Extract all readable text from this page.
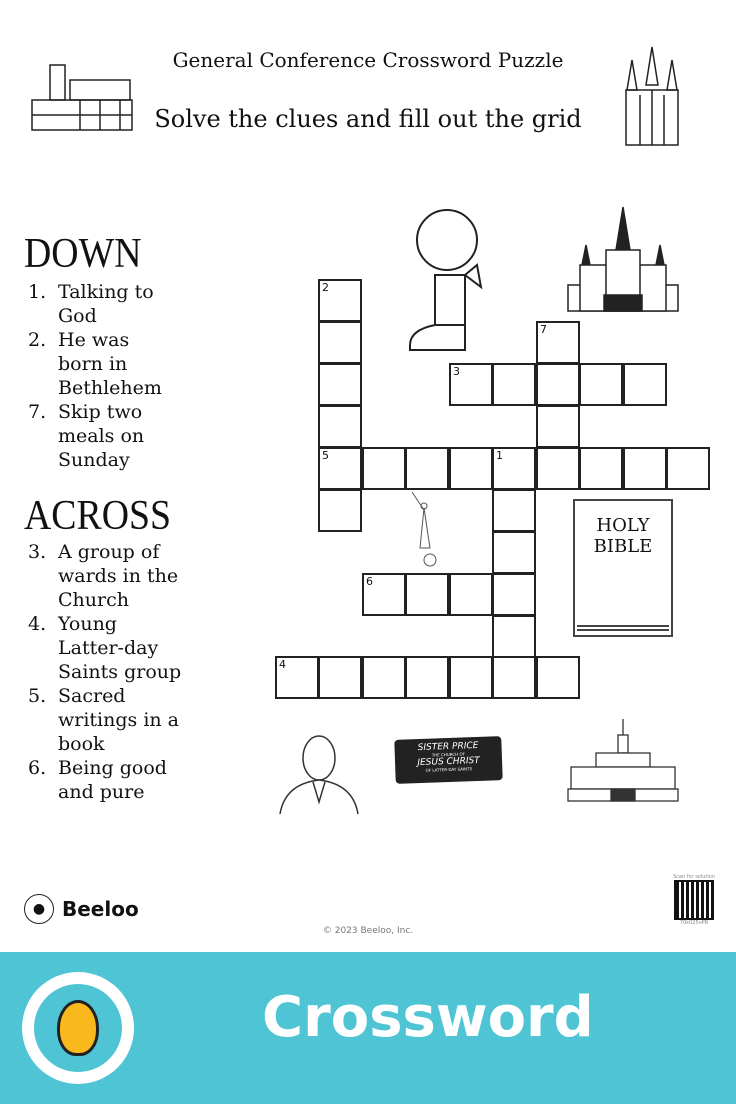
General Conference Crossword Puzzle
Solve the clues and fill out the grid
DOWN
1. Talking to God
2. He was born in Bethlehem
7. Skip two meals on Sunday
ACROSS
3. A group of wards in the Church
4. Young Latter-day Saints group
5. Sacred writings in a book
6. Being good and pure
2
5
7
3
1
6
4
HOLY
BIBLE
SISTER PRICE
THE CHURCH OF
JESUS CHRIST
OF LATTER-DAY SAINTS
● Beeloo
© 2023 Beeloo, Inc.
Scan for solution
70k025vPB
Crossword
